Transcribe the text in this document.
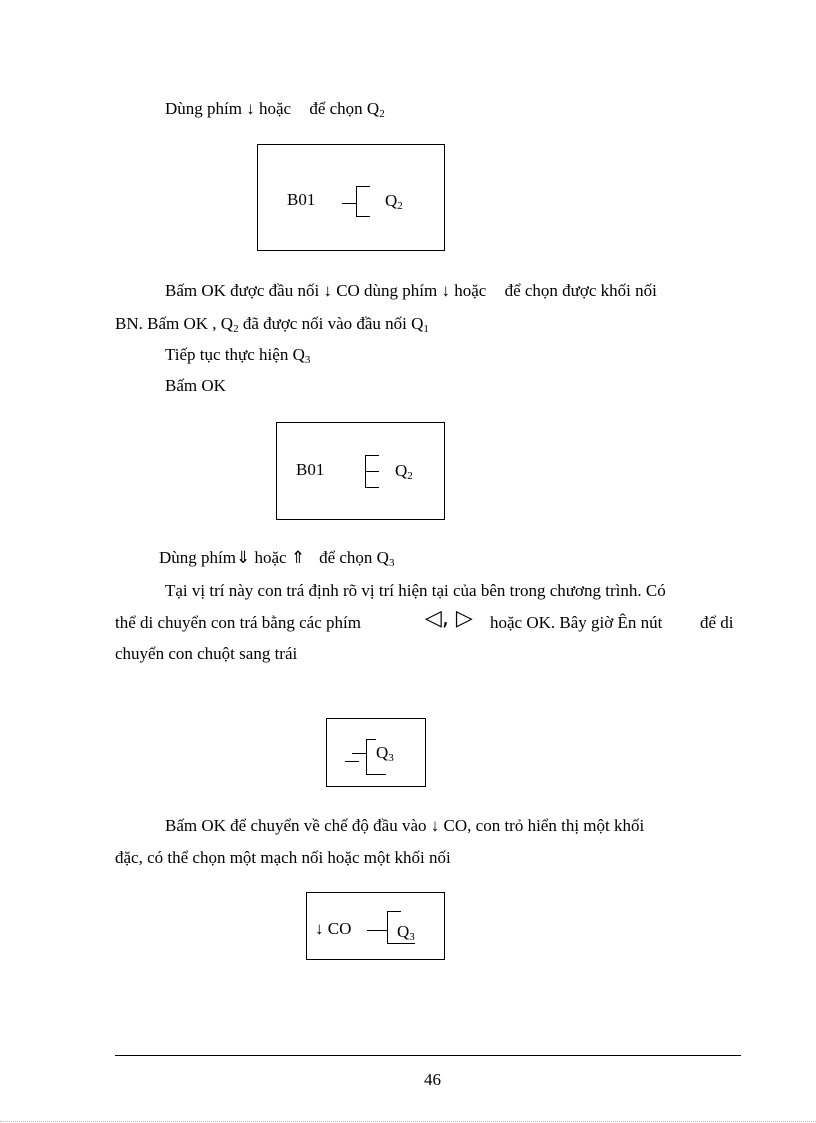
Dùng phím ↓ hoặc để chọn $Q_2$
B01	$Q_2$
Bấm OK được đầu nối ↓ CO dùng phím ↓ hoặc để chọn được khối nối
BN. Bấm OK , $Q_2$ đã được nối vào đầu nối $Q_1$
Tiếp tục thực hiện $Q_3$
Bấm OK
B01	$Q_2$
Dùng phím⇓ hoặc ⇑ để chọn $Q_3$
Tại vị trí này con trá định rõ vị trí hiện tại của bên trong chương trình. Có
thể di chuyển con trá bằng các phím	◁, ▷ hoặc OK. Bây giờ Ên nút để di
chuyển con chuột sang trái
$Q_3$
Bấm OK để chuyển về chế độ đầu vào ↓ CO, con trỏ hiển thị một khối
đặc, có thể chọn một mạch nối hoặc một khối nối
↓ CO	$Q_3$
46
